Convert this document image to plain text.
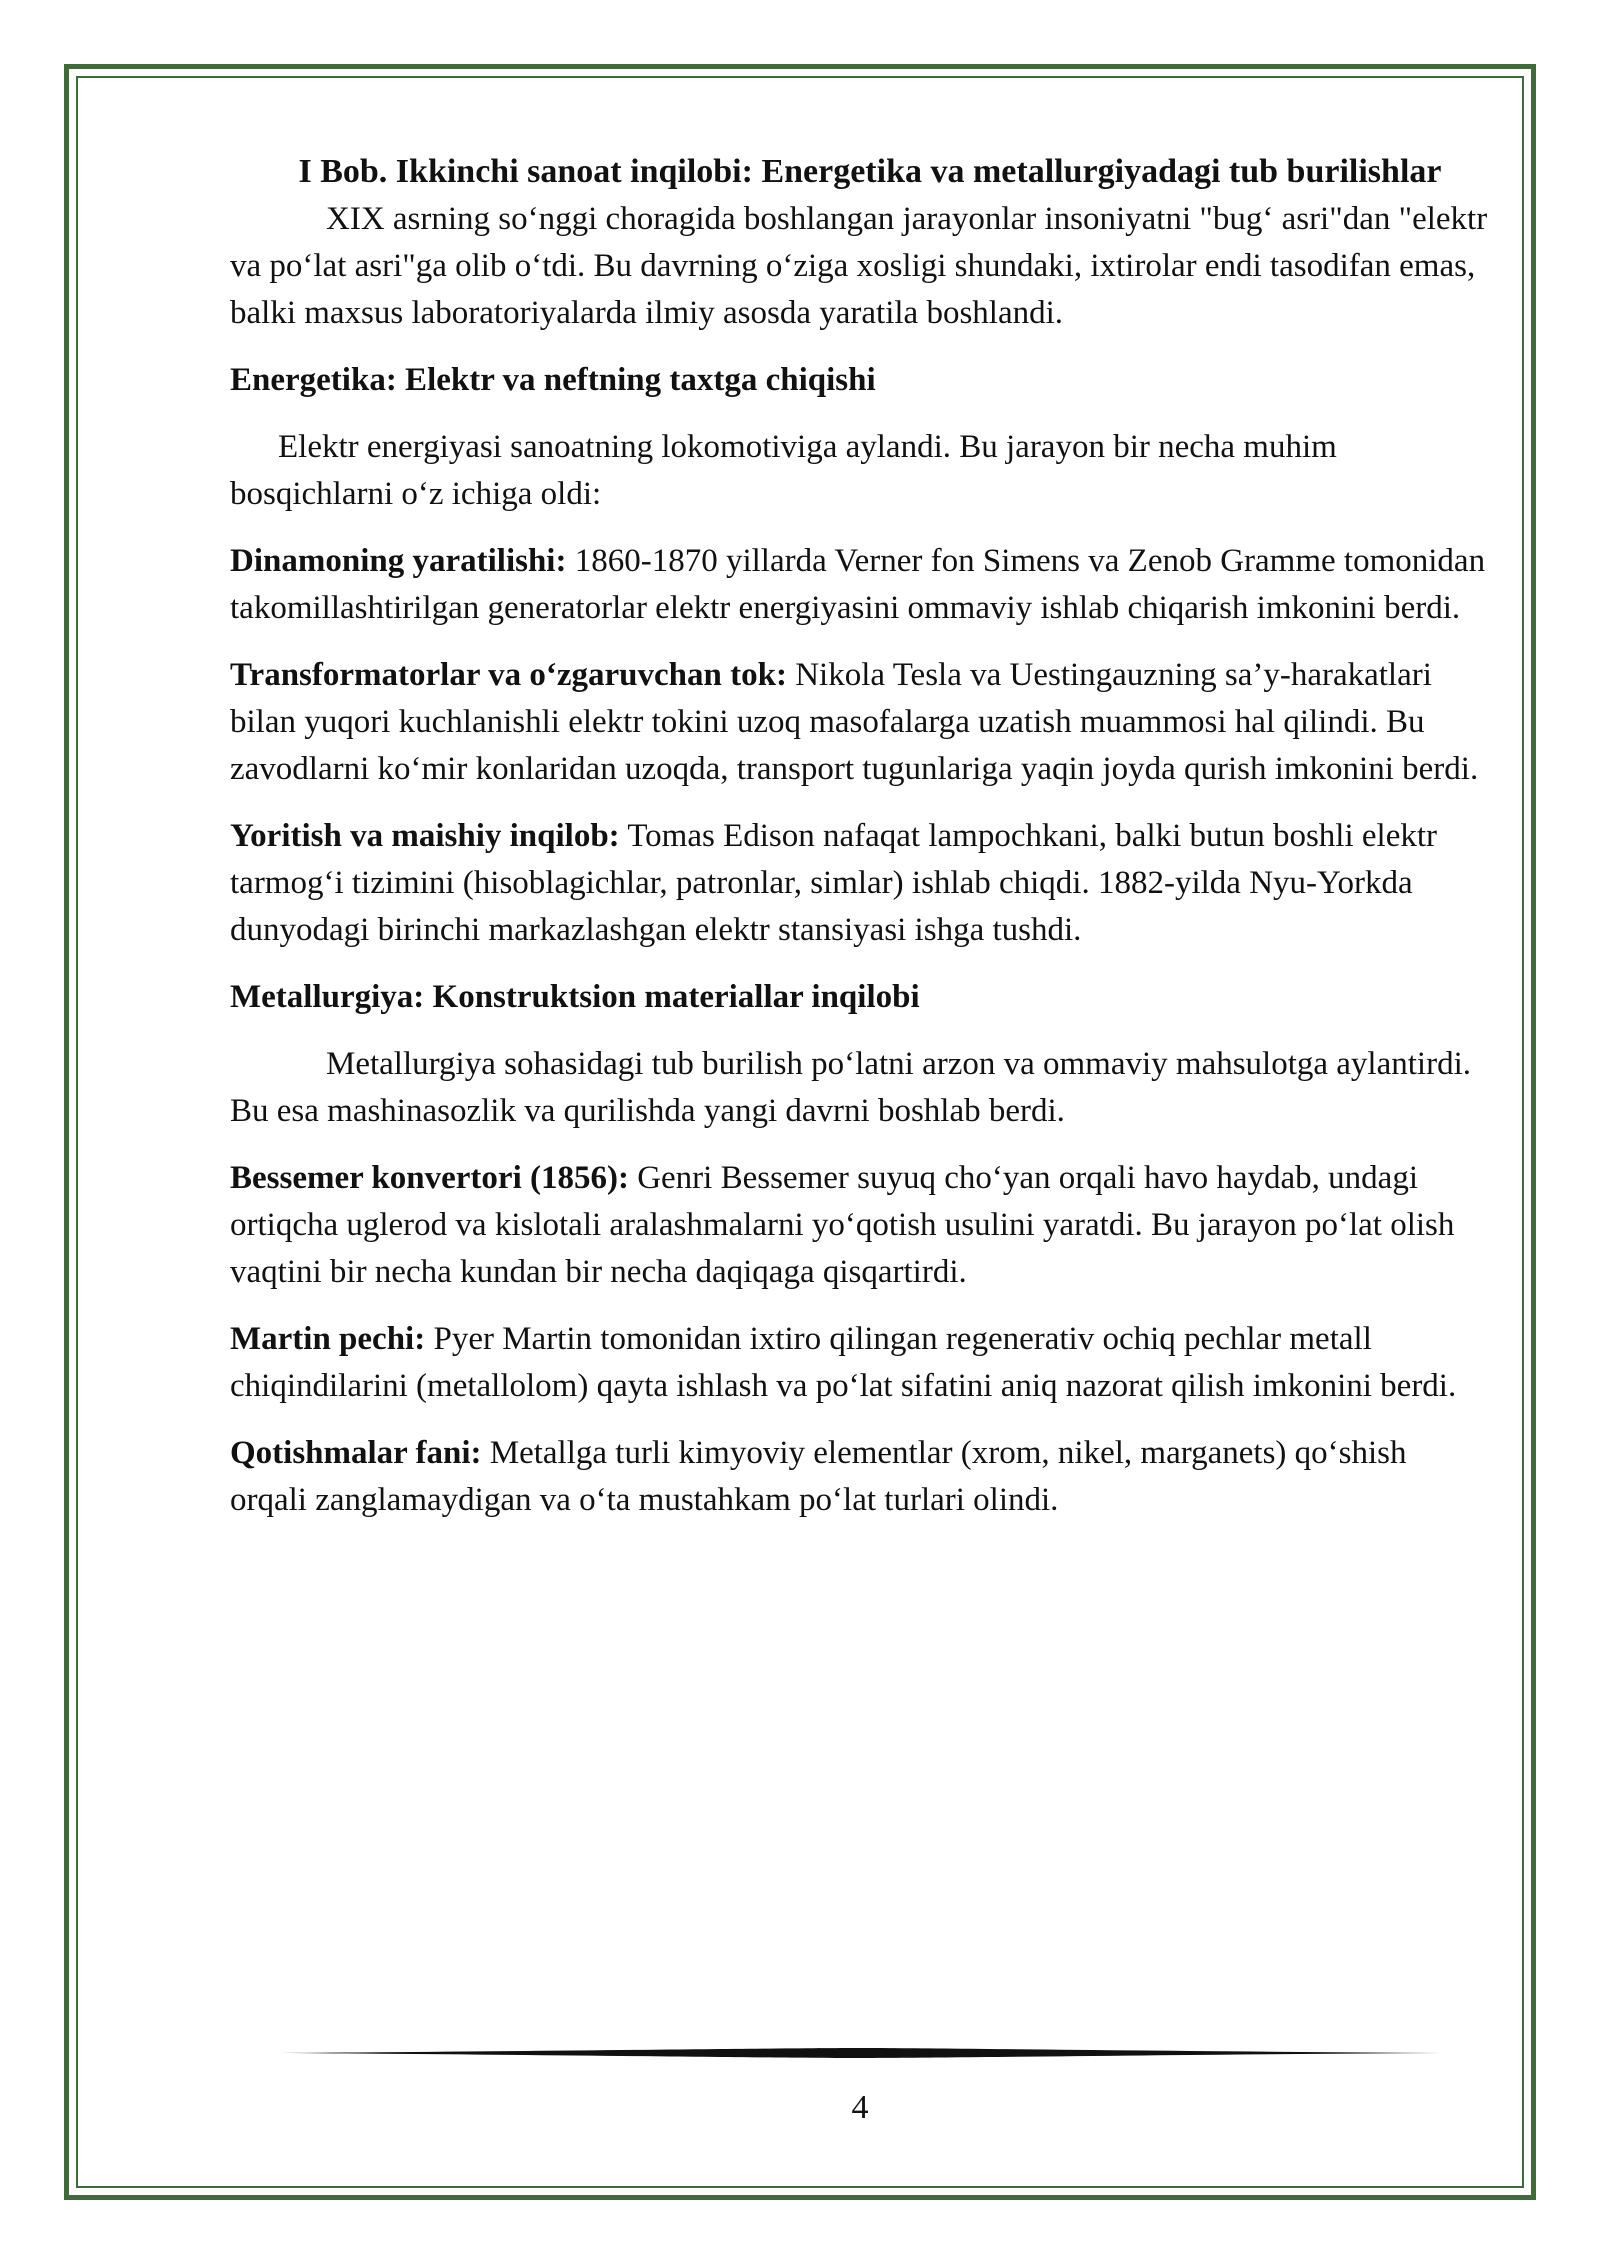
I Bob. Ikkinchi sanoat inqilobi: Energetika va metallurgiyadagi tub burilishlar

XIX asrning so‘nggi choragida boshlangan jarayonlar insoniyatni "bug‘ asri"dan "elektr va po‘lat asri"ga olib o‘tdi. Bu davrning o‘ziga xosligi shundaki, ixtirolar endi tasodifan emas, balki maxsus laboratoriyalarda ilmiy asosda yaratila boshlandi.

Energetika: Elektr va neftning taxtga chiqishi

Elektr energiyasi sanoatning lokomotiviga aylandi. Bu jarayon bir necha muhim bosqichlarni o‘z ichiga oldi:

Dinamoning yaratilishi: 1860-1870 yillarda Verner fon Simens va Zenob Gramme tomonidan takomillashtirilgan generatorlar elektr energiyasini ommaviy ishlab chiqarish imkonini berdi.

Transformatorlar va o‘zgaruvchan tok: Nikola Tesla va Uestingauzning sa’y-harakatlari bilan yuqori kuchlanishli elektr tokini uzoq masofalarga uzatish muammosi hal qilindi. Bu zavodlarni ko‘mir konlaridan uzoqda, transport tugunlariga yaqin joyda qurish imkonini berdi.

Yoritish va maishiy inqilob: Tomas Edison nafaqat lampochkani, balki butun boshli elektr tarmog‘i tizimini (hisoblagichlar, patronlar, simlar) ishlab chiqdi. 1882-yilda Nyu-Yorkda dunyodagi birinchi markazlashgan elektr stansiyasi ishga tushdi.

Metallurgiya: Konstruktsion materiallar inqilobi

Metallurgiya sohasidagi tub burilish po‘latni arzon va ommaviy mahsulotga aylantirdi. Bu esa mashinasozlik va qurilishda yangi davrni boshlab berdi.

Bessemer konvertori (1856): Genri Bessemer suyuq cho‘yan orqali havo haydab, undagi ortiqcha uglerod va kislotali aralashmalarni yo‘qotish usulini yaratdi. Bu jarayon po‘lat olish vaqtini bir necha kundan bir necha daqiqaga qisqartirdi.

Martin pechi: Pyer Martin tomonidan ixtiro qilingan regenerativ ochiq pechlar metall chiqindilarini (metallolom) qayta ishlash va po‘lat sifatini aniq nazorat qilish imkonini berdi.

Qotishmalar fani: Metallga turli kimyoviy elementlar (xrom, nikel, marganets) qo‘shish orqali zanglamaydigan va o‘ta mustahkam po‘lat turlari olindi.

4
